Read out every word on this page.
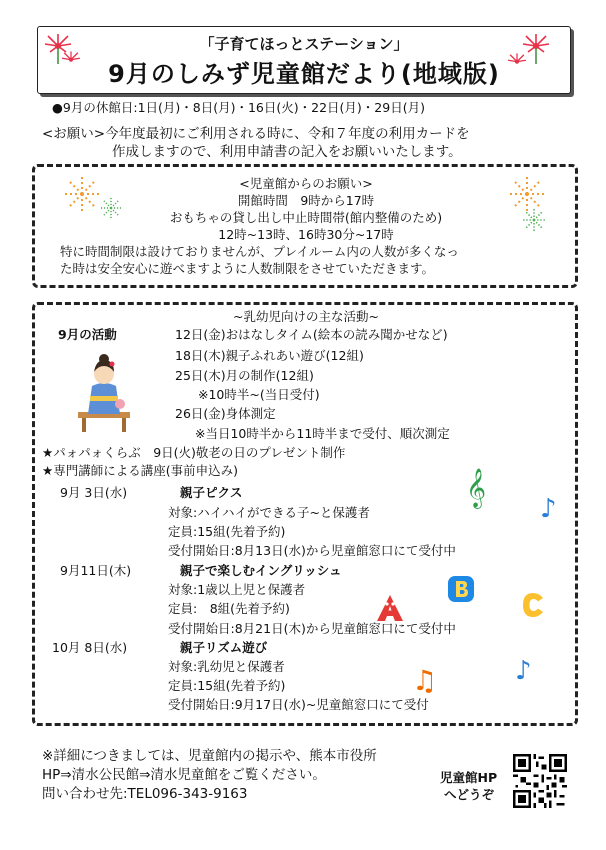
「子育てほっとステーション」
9月のしみず児童館だより(地域版)
●9月の休館日:1日(月)・8日(月)・16日(火)・22日(月)・29日(月)
<お願い>今年度最初にご利用される時に、令和７年度の利用カードを
作成しますので、利用申請書の記入をお願いいたします。
<児童館からのお願い>
開館時間　9時から17時
おもちゃの貸し出し中止時間帯(館内整備のため)
12時~13時、16時30分~17時
特に時間制限は設けておりませんが、プレイルーム内の人数が多くなっ
た時は安全安心に遊べますように人数制限をさせていただきます。
~乳幼児向けの主な活動~
9月の活動	12日(金)おはなしタイム(絵本の読み聞かせなど)
18日(木)親子ふれあい遊び(12組)
25日(木)月の制作(12組)
※10時半~(当日受付)
26日(金)身体測定
※当日10時半から11時半まで受付、順次測定
★パォパォくらぶ　9日(火)敬老の日のプレゼント制作
★専門講師による講座(事前申込み)
9月 3日(水)	親子ピクス
対象:ハイハイができる子~と保護者
定員:15組(先着予約)
受付開始日:8月13日(水)から児童館窓口にて受付中
9月11日(木)	親子で楽しむイングリッシュ
対象:1歳以上児と保護者
定員:　8組(先着予約)
受付開始日:8月21日(木)から児童館窓口にて受付中
10月 8日(水)	親子リズム遊び
対象:乳幼児と保護者
定員:15組(先着予約)
受付開始日:9月17日(水)~児童館窓口にて受付
𝄞
♪
♫	♪
※詳細につきましては、児童館内の掲示や、熊本市役所
HP⇒清水公民館⇒清水児童館をご覧ください。
問い合わせ先:TEL096-343-9163
児童館HP
へどうぞ
